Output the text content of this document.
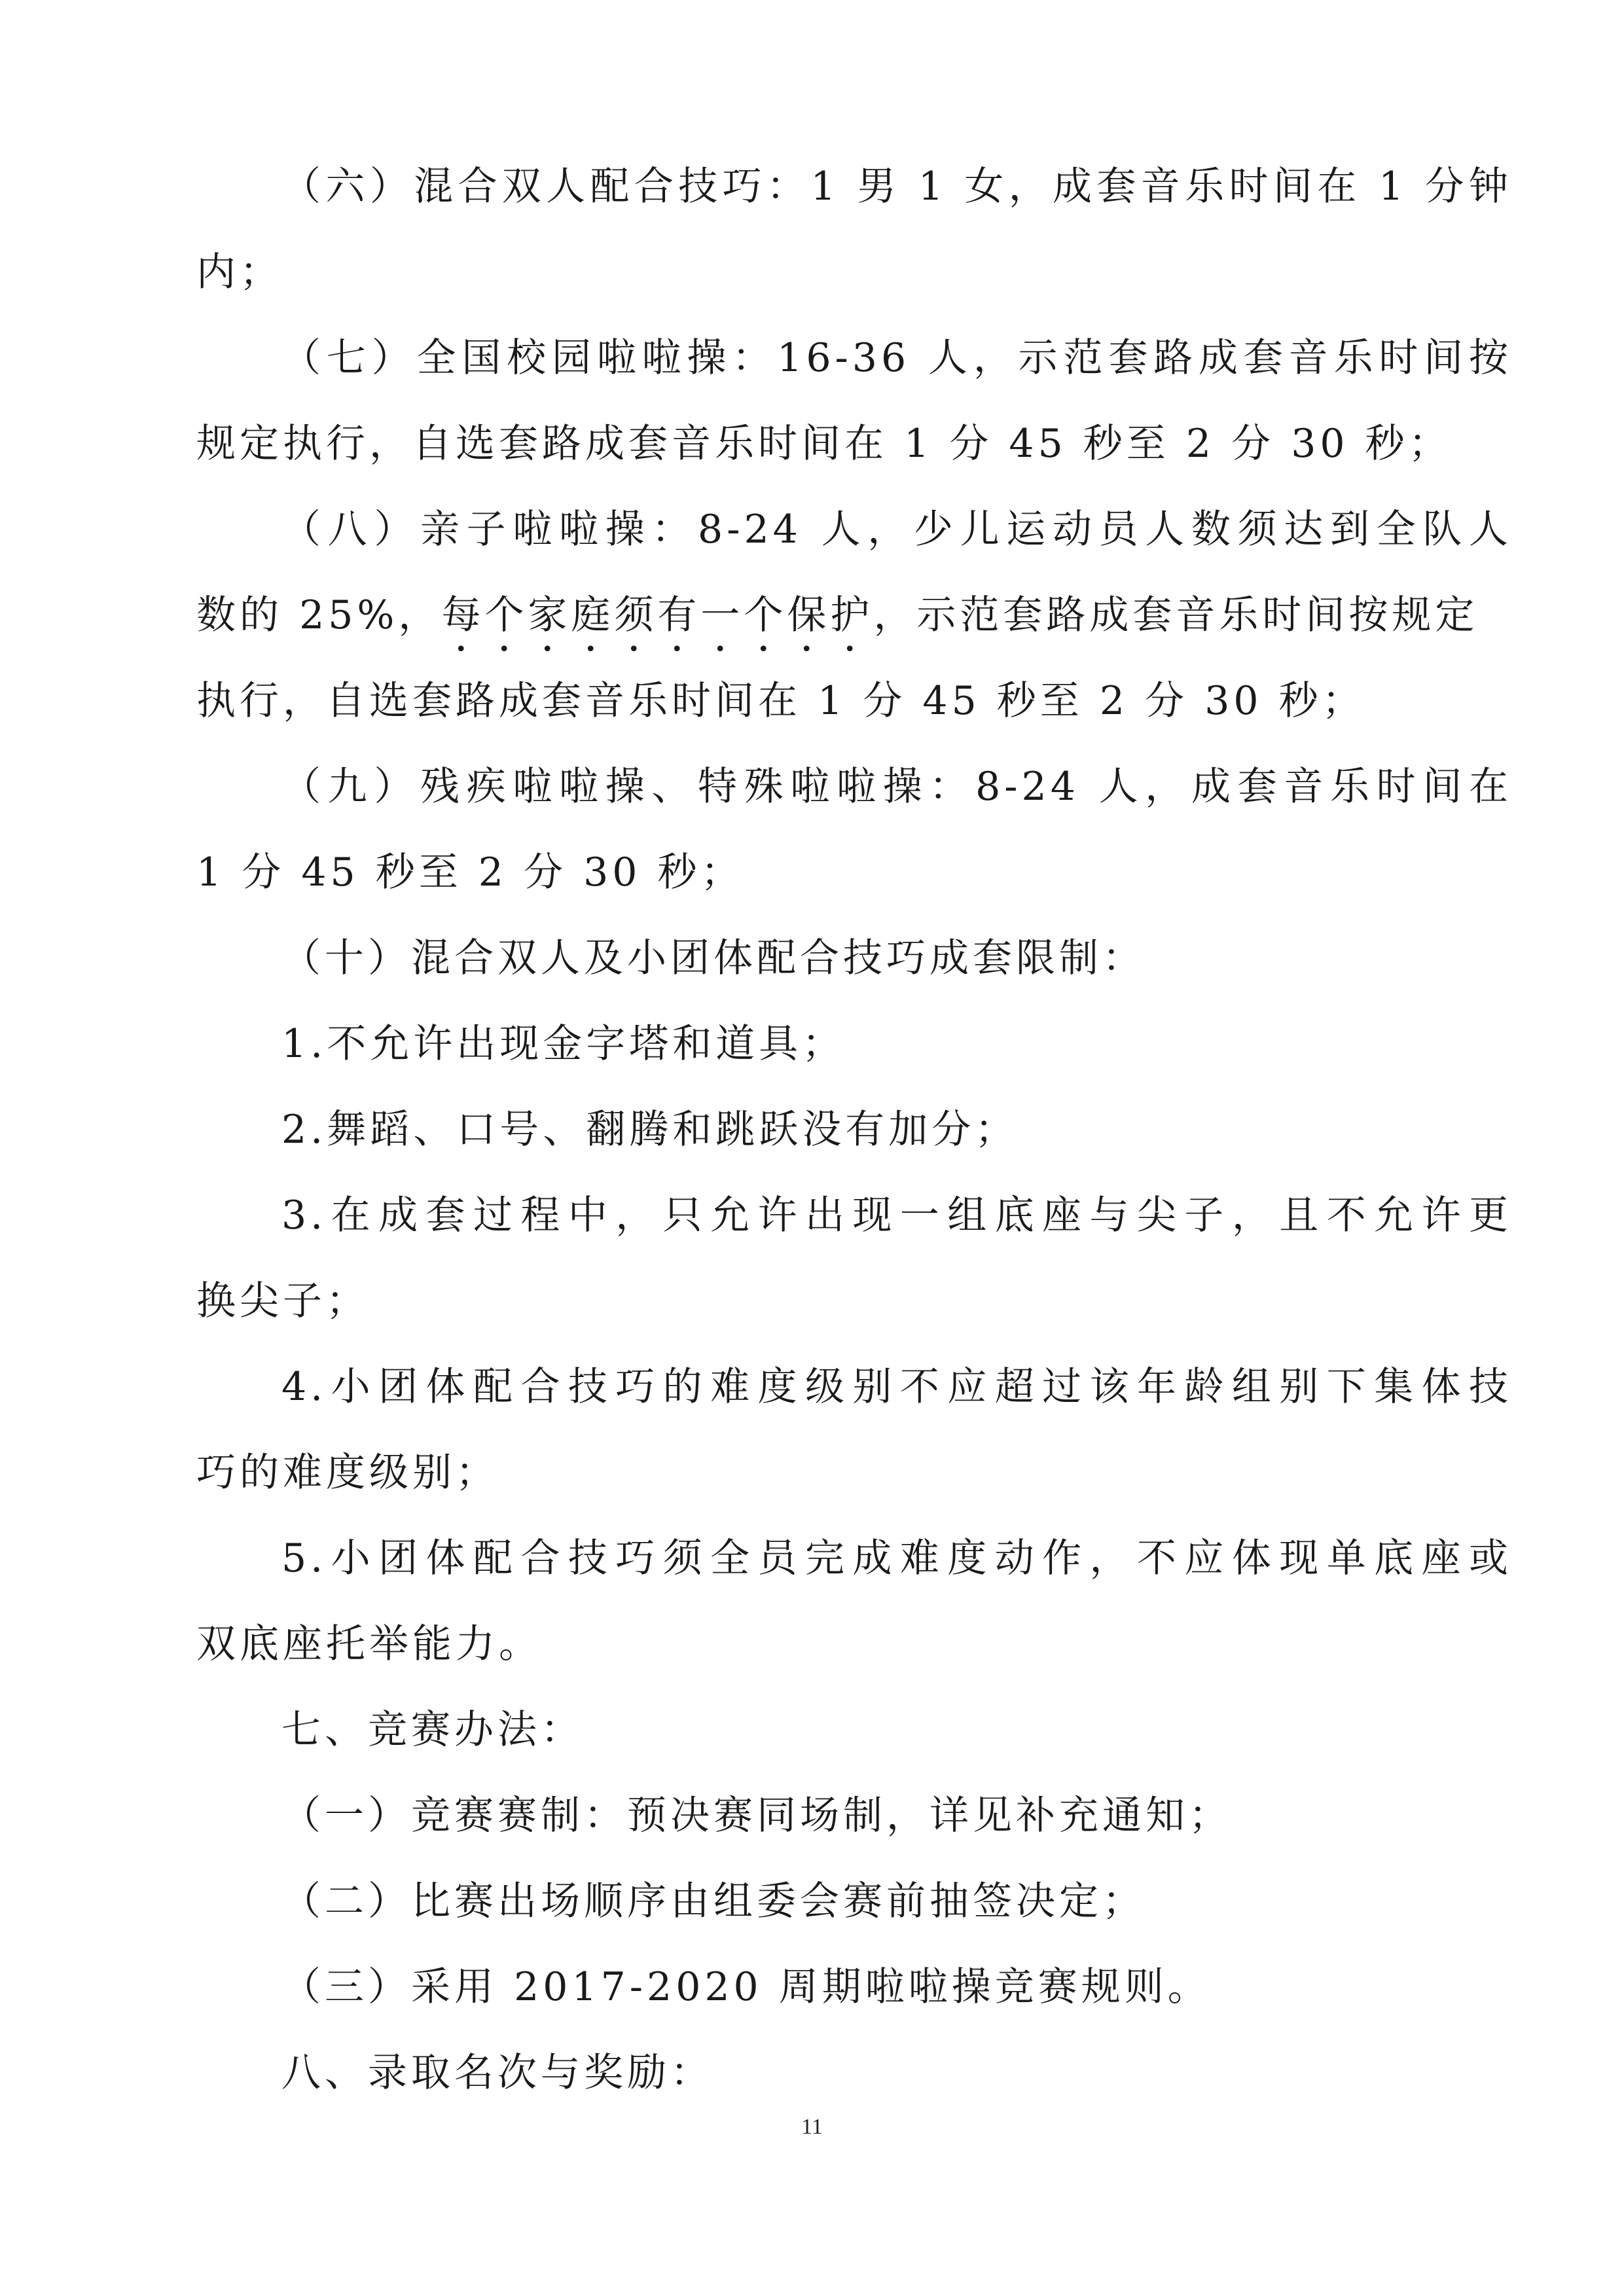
（六）混合双人配合技巧：1 男 1 女，成套音乐时间在 1 分钟
内；
（七）全国校园啦啦操：16-36 人，示范套路成套音乐时间按
规定执行，自选套路成套音乐时间在 1 分 45 秒至 2 分 30 秒；
（八）亲子啦啦操：8-24 人，少儿运动员人数须达到全队人
数的 25%，每个家庭须有一个保护，示范套路成套音乐时间按规定
执行，自选套路成套音乐时间在 1 分 45 秒至 2 分 30 秒；
（九）残疾啦啦操、特殊啦啦操：8-24 人，成套音乐时间在
1 分 45 秒至 2 分 30 秒；
（十）混合双人及小团体配合技巧成套限制：
1.不允许出现金字塔和道具；
2.舞蹈、口号、翻腾和跳跃没有加分；
3.在成套过程中，只允许出现一组底座与尖子，且不允许更
换尖子；
4.小团体配合技巧的难度级别不应超过该年龄组别下集体技
巧的难度级别；
5.小团体配合技巧须全员完成难度动作，不应体现单底座或
双底座托举能力。
七、竞赛办法：
（一）竞赛赛制：预决赛同场制，详见补充通知；
（二）比赛出场顺序由组委会赛前抽签决定；
（三）采用 2017-2020 周期啦啦操竞赛规则。
八、录取名次与奖励：
11
